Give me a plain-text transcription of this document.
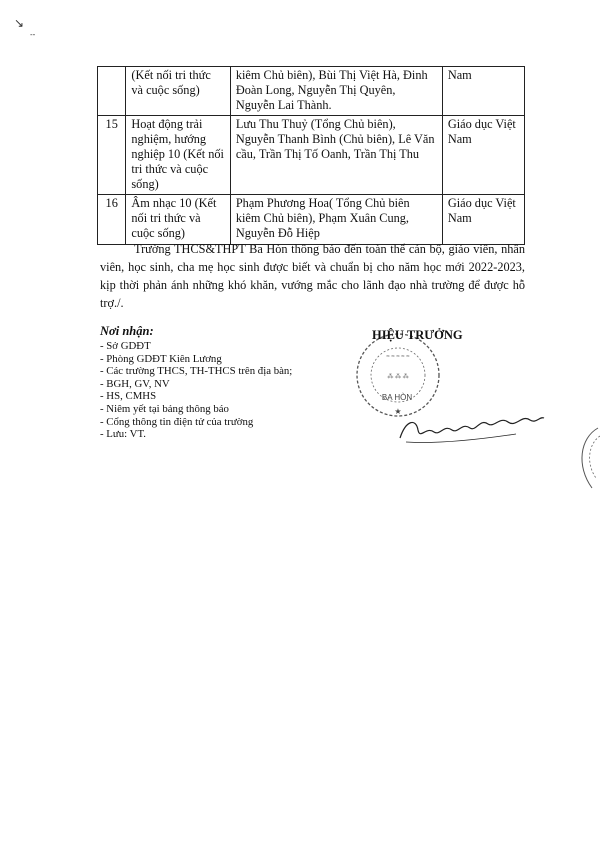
↘
--
	(Kết nối tri thức và cuộc sống)	kiêm Chủ biên), Bùi Thị Việt Hà, Đinh Đoàn Long, Nguyễn Thị Quyên, Nguyễn Lai Thành.	Nam
15	Hoạt động trải nghiệm, hướng nghiệp 10 (Kết nối tri thức và cuộc sống)	Lưu Thu Thuỷ (Tổng Chủ biên), Nguyễn Thanh Bình (Chủ biên), Lê Văn cầu, Trần Thị Tố Oanh, Trần Thị Thu	Giáo dục Việt Nam
16	Âm nhạc 10 (Kết nối tri thức và cuộc sống)	Phạm Phương Hoa( Tổng Chủ biên kiêm Chủ biên), Phạm Xuân Cung, Nguyễn Đỗ Hiệp	Giáo dục Việt Nam

Trường THCS&THPT Ba Hòn thông báo đến toàn thể cán bộ, giáo viên, nhân viên, học sinh, cha mẹ học sinh được biết và chuẩn bị cho năm học mới 2022-2023, kịp thời phản ánh những khó khăn, vướng mắc cho lãnh đạo nhà trường để được hỗ trợ./.

Nơi nhận:
- Sở GDĐT
- Phòng GDĐT Kiên Lương
- Các trường THCS, TH-THCS trên địa bàn;
- BGH, GV, NV
- HS, CMHS
- Niêm yết tại bảng thông báo
- Cổng thông tin điện tử của trường
- Lưu: VT.
≈ ≈ ≈ ≈ ≈
⁂ ⁂ ⁂
BA HÒN
★
HIỆU TRƯỞNG
